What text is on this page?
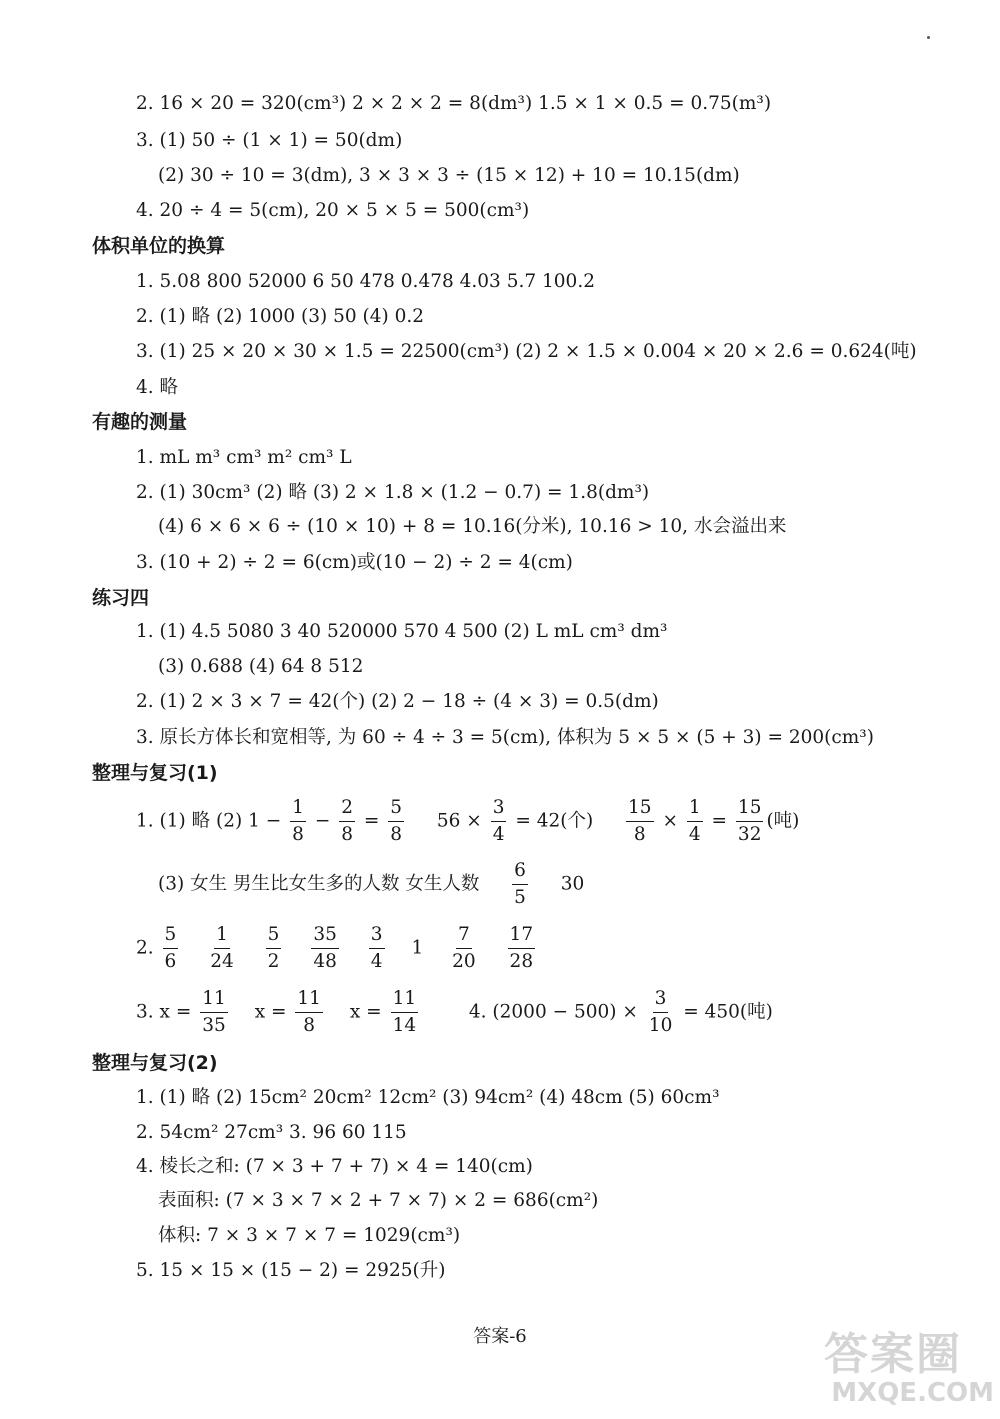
2. 16 × 20 = 320(cm³) 2 × 2 × 2 = 8(dm³) 1.5 × 1 × 0.5 = 0.75(m³)
3. (1) 50 ÷ (1 × 1) = 50(dm)
(2) 30 ÷ 10 = 3(dm), 3 × 3 × 3 ÷ (15 × 12) + 10 = 10.15(dm)
4. 20 ÷ 4 = 5(cm), 20 × 5 × 5 = 500(cm³)
体积单位的换算
1. 5.08 800 52000 6 50 478 0.478 4.03 5.7 100.2
2. (1) 略 (2) 1000 (3) 50 (4) 0.2
3. (1) 25 × 20 × 30 × 1.5 = 22500(cm³) (2) 2 × 1.5 × 0.004 × 20 × 2.6 = 0.624(吨)
4. 略
有趣的测量
1. mL m³ cm³ m² cm³ L
2. (1) 30cm³ (2) 略 (3) 2 × 1.8 × (1.2 − 0.7) = 1.8(dm³)
(4) 6 × 6 × 6 ÷ (10 × 10) + 8 = 10.16(分米), 10.16 > 10, 水会溢出来
3. (10 + 2) ÷ 2 = 6(cm)或(10 − 2) ÷ 2 = 4(cm)
练习四
1. (1) 4.5 5080 3 40 520000 570 4 500 (2) L mL cm³ dm³
(3) 0.688 (4) 64 8 512
2. (1) 2 × 3 × 7 = 42(个) (2) 2 − 18 ÷ (4 × 3) = 0.5(dm)
3. 原长方体长和宽相等, 为 60 ÷ 4 ÷ 3 = 5(cm), 体积为 5 × 5 × (5 + 3) = 200(cm³)
整理与复习(1)
1. (1) 略 (2) $1 - \frac{1}{8} - \frac{2}{8} = \frac{5}{8} 56 \times \frac{3}{4} = 42$(个) $\frac{15}{8} \times \frac{1}{4} = \frac{15}{32}$ (吨)
(3) 女生 男生比女生多的人数 女生人数 $\frac{6}{5} 30$
2. $\frac{5}{6}$
$\frac{1}{24}$
$\frac{5}{2}$
$\frac{35}{48}$
$\frac{3}{4} 1 \frac{7}{20}$
$\frac{17}{28}$
3. $x = \frac{11}{35}$ $x = \frac{11}{8}$ $x = \frac{11}{14}$	4. $(2000 - 500) \times \frac{3}{10} = 450$(吨)
整理与复习(2)
1. (1) 略 (2) 15cm² 20cm² 12cm² (3) 94cm² (4) 48cm (5) 60cm³
2. 54cm² 27cm³ 3. 96 60 115
4. 棱长之和: (7 × 3 + 7 + 7) × 4 = 140(cm)
表面积: (7 × 3 × 7 × 2 + 7 × 7) × 2 = 686(cm²)
体积: 7 × 3 × 7 × 7 = 1029(cm³)
5. 15 × 15 × (15 − 2) = 2925(升)
答案-6	答案圈
MXQE.COM
